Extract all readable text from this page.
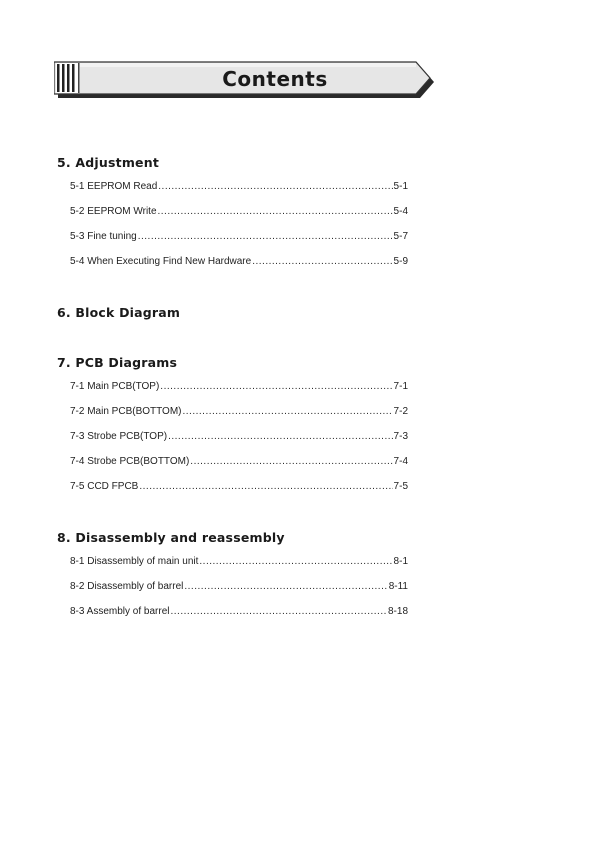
Contents
5. Adjustment
5-1 EEPROM Read .....	5-1
5-2 EEPROM Write .....	5-4
5-3 Fine tuning .....	5-7
5-4 When Executing Find New Hardware .....	5-9
6. Block Diagram
7. PCB Diagrams
7-1 Main PCB(TOP) .....	7-1
7-2 Main PCB(BOTTOM) .....	7-2
7-3 Strobe PCB(TOP) .....	7-3
7-4 Strobe PCB(BOTTOM) .....	7-4
7-5 CCD FPCB .....	7-5
8. Disassembly and reassembly
8-1 Disassembly of main unit .....	8-1
8-2 Disassembly of barrel .....	8-11
8-3 Assembly of barrel .....	8-18
